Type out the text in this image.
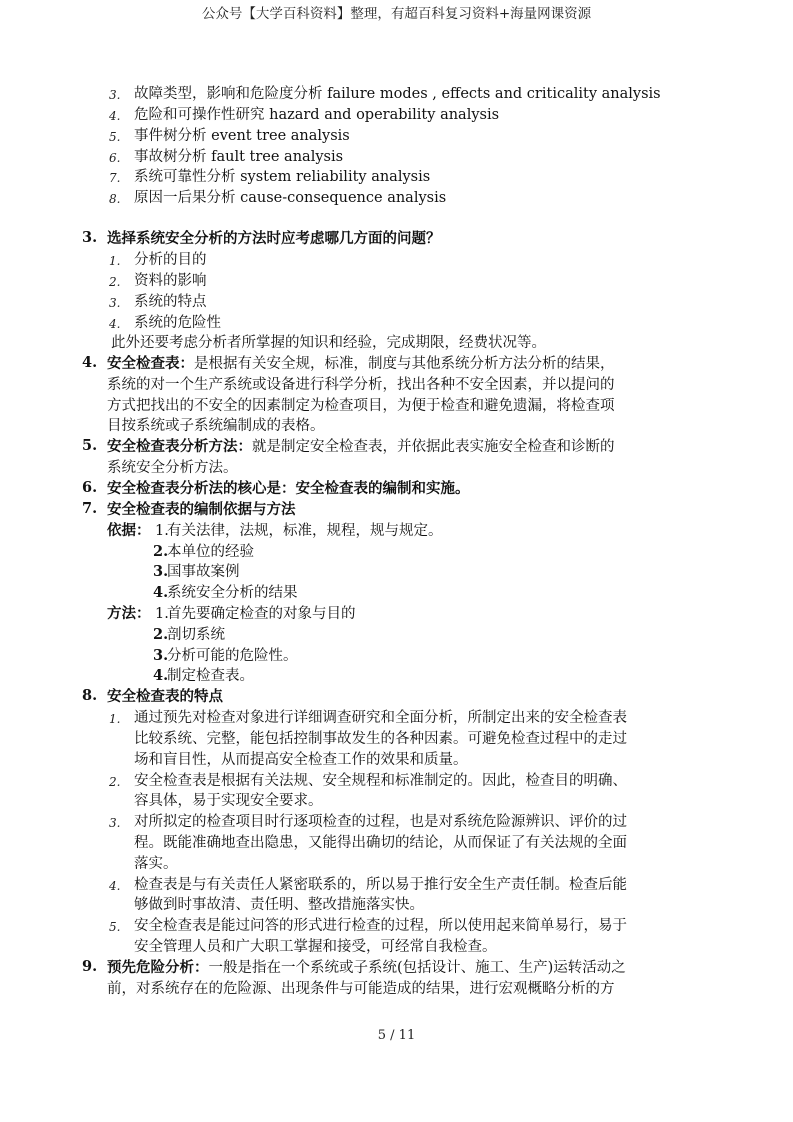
公众号【大学百科资料】整理，有超百科复习资料+海量网课资源
3. 故障类型，影响和危险度分析 failure modes , effects and criticality analysis
4. 危险和可操作性研究 hazard and operability analysis
5. 事件树分析 event tree analysis
6. 事故树分析 fault tree analysis
7. 系统可靠性分析 system reliability analysis
8. 原因一后果分析 cause-consequence analysis
3. 选择系统安全分析的方法时应考虑哪几方面的问题？
1. 分析的目的
2. 资料的影响
3. 系统的特点
4. 系统的危险性
此外还要考虑分析者所掌握的知识和经验，完成期限，经费状况等。
4. 安全检查表：是根据有关安全规，标准，制度与其他系统分析方法分析的结果，
系统的对一个生产系统或设备进行科学分析，找出各种不安全因素，并以提问的
方式把找出的不安全的因素制定为检查项目，为便于检查和避免遗漏，将检查项
目按系统或子系统编制成的表格。
5. 安全检查表分析方法：就是制定安全检查表，并依据此表实施安全检查和诊断的
系统安全分析方法。
6. 安全检查表分析法的核心是：安全检查表的编制和实施。
7. 安全检查表的编制依据与方法
依据： 1.
有关法律，法规，标准，规程，规与规定。
2.
本单位的经验
3.
国事故案例
4.
系统安全分析的结果
方法： 1.
首先要确定检查的对象与目的
2.
剖切系统
3.
分析可能的危险性。
4.
制定检查表。
8. 安全检查表的特点
1. 通过预先对检查对象进行详细调查研究和全面分析，所制定出来的安全检查表
比较系统、完整，能包括控制事故发生的各种因素。可避免检查过程中的走过
场和盲目性，从而提高安全检查工作的效果和质量。
2. 安全检查表是根据有关法规、安全规程和标准制定的。因此，检查目的明确、
容具体，易于实现安全要求。
3. 对所拟定的检查项目时行逐项检查的过程，也是对系统危险源辨识、评价的过
程。既能准确地查出隐患，又能得出确切的结论，从而保证了有关法规的全面
落实。
4. 检查表是与有关责任人紧密联系的，所以易于推行安全生产责任制。检查后能
够做到时事故清、责任明、整改措施落实快。
5. 安全检查表是能过问答的形式进行检查的过程，所以使用起来简单易行，易于
安全管理人员和广大职工掌握和接受，可经常自我检查。
9. 预先危险分析：一般是指在一个系统或子系统(包括设计、施工、生产)运转活动之
前，对系统存在的危险源、出现条件与可能造成的结果，进行宏观概略分析的方
5 / 11
